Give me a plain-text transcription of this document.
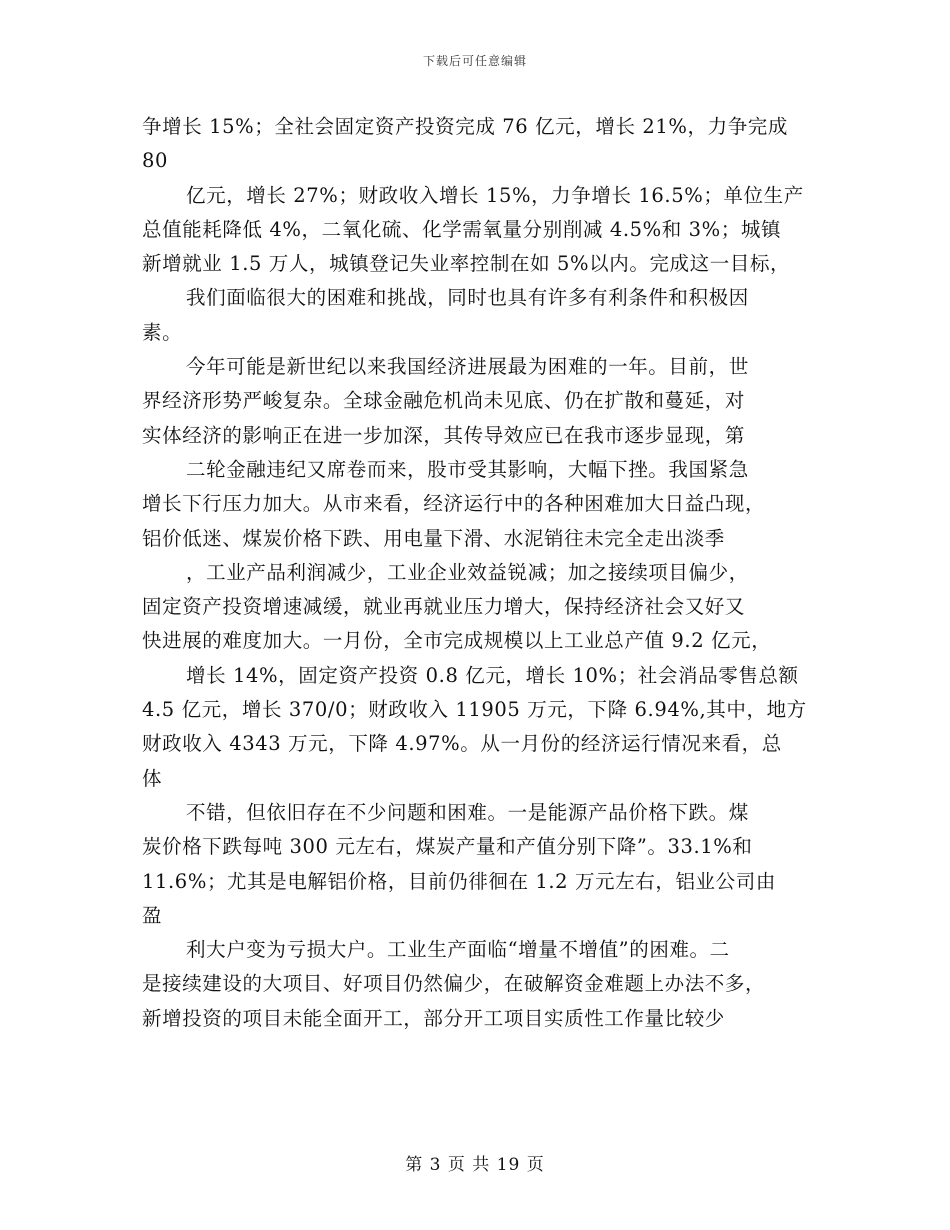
下载后可任意编辑
争增长 15%；全社会固定资产投资完成 76 亿元，增长 21%，力争完成
80
亿元，增长 27%；财政收入增长 15%，力争增长 16.5%；单位生产
总值能耗降低 4%，二氧化硫、化学需氧量分别削减 4.5%和 3%；城镇
新增就业 1.5 万人，城镇登记失业率控制在如 5%以内。完成这一目标，
我们面临很大的困难和挑战，同时也具有许多有利条件和积极因
素。
今年可能是新世纪以来我国经济进展最为困难的一年。目前，世
界经济形势严峻复杂。全球金融危机尚未见底、仍在扩散和蔓延，对
实体经济的影响正在进一步加深，其传导效应已在我市逐步显现，第
二轮金融违纪又席卷而来，股市受其影响，大幅下挫。我国紧急
增长下行压力加大。从市来看，经济运行中的各种困难加大日益凸现，
铝价低迷、煤炭价格下跌、用电量下滑、水泥销往未完全走出淡季
，工业产品利润减少，工业企业效益锐减；加之接续项目偏少，
固定资产投资增速减缓，就业再就业压力增大，保持经济社会又好又
快进展的难度加大。一月份，全市完成规模以上工业总产值 9.2 亿元，
增长 14%，固定资产投资 0.8 亿元，增长 10%；社会消品零售总额
4.5 亿元，增长 370/0；财政收入 11905 万元，下降 6.94%,其中，地方
财政收入 4343 万元，下降 4.97%。从一月份的经济运行情况来看，总
体
不错，但依旧存在不少问题和困难。一是能源产品价格下跌。煤
炭价格下跌每吨 300 元左右，煤炭产量和产值分别下降”。33.1%和
11.6%；尤其是电解铝价格，目前仍徘徊在 1.2 万元左右，铝业公司由
盈
利大户变为亏损大户。工业生产面临“增量不增值”的困难。二
是接续建设的大项目、好项目仍然偏少，在破解资金难题上办法不多，
新增投资的项目未能全面开工，部分开工项目实质性工作量比较少
第 3 页 共 19 页
